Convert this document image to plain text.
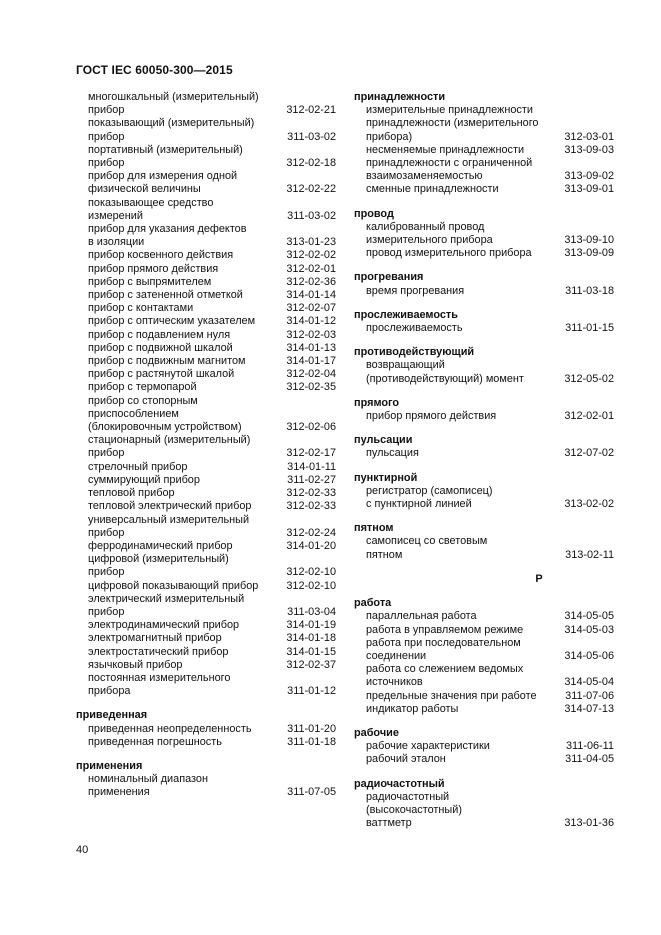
ГОСТ IEC 60050-300—2015
многошкальный (измерительный)
прибор	312-02-21
показывающий (измерительный)
прибор	311-03-02
портативный (измерительный)
прибор	312-02-18
прибор для измерения одной
физической величины	312-02-22
показывающее средство
измерений	311-03-02
прибор для указания дефектов
в изоляции	313-01-23
прибор косвенного действия	312-02-02
прибор прямого действия	312-02-01
прибор с выпрямителем	312-02-36
прибор с затененной отметкой	314-01-14
прибор с контактами	312-02-07
прибор с оптическим указателем	314-01-12
прибор с подавлением нуля	312-02-03
прибор с подвижной шкалой	314-01-13
прибор с подвижным магнитом	314-01-17
прибор с растянутой шкалой	312-02-04
прибор с термопарой	312-02-35
прибор со стопорным
приспособлением
(блокировочным устройством)	312-02-06
стационарный (измерительный)
прибор	312-02-17
стрелочный прибор	314-01-11
суммирующий прибор	311-02-27
тепловой прибор	312-02-33
тепловой электрический прибор	312-02-33
универсальный измерительный
прибор	312-02-24
ферродинамический прибор	314-01-20
цифровой (измерительный)
прибор	312-02-10
цифровой показывающий прибор	312-02-10
электрический измерительный
прибор	311-03-04
электродинамический прибор	314-01-19
электромагнитный прибор	314-01-18
электростатический прибор	314-01-15
язычковый прибор	312-02-37
постоянная измерительного
прибора	311-01-12
приведенная
приведенная неопределенность	311-01-20
приведенная погрешность	311-01-18
применения
номинальный диапазон применения	311-07-05
принадлежности
измерительные принадлежности
принадлежности (измерительного
прибора)	312-03-01
несменяемые принадлежности	313-09-03
принадлежности с ограниченной
взаимозаменяемостью	313-09-02
сменные принадлежности	313-09-01
провод
калиброванный провод
измерительного прибора	313-09-10
провод измерительного прибора	313-09-09
прогревания
время прогревания	311-03-18
прослеживаемость
прослеживаемость	311-01-15
противодействующий
возвращающий
(противодействующий) момент	312-05-02
прямого
прибор прямого действия	312-02-01
пульсации
пульсация	312-07-02
пунктирной
регистратор (самописец)
с пунктирной линией	313-02-02
пятном
самописец со световым
пятном	313-02-11
Р
работа
параллельная работа	314-05-05
работа в управляемом режиме	314-05-03
работа при последовательном
соединении	314-05-06
работа со слежением ведомых
источников	314-05-04
предельные значения при работе	311-07-06
индикатор работы	314-07-13
рабочие
рабочие характеристики	311-06-11
рабочий эталон	311-04-05
радиочастотный
радиочастотный (высокочастотный)
ваттметр	313-01-36
40
